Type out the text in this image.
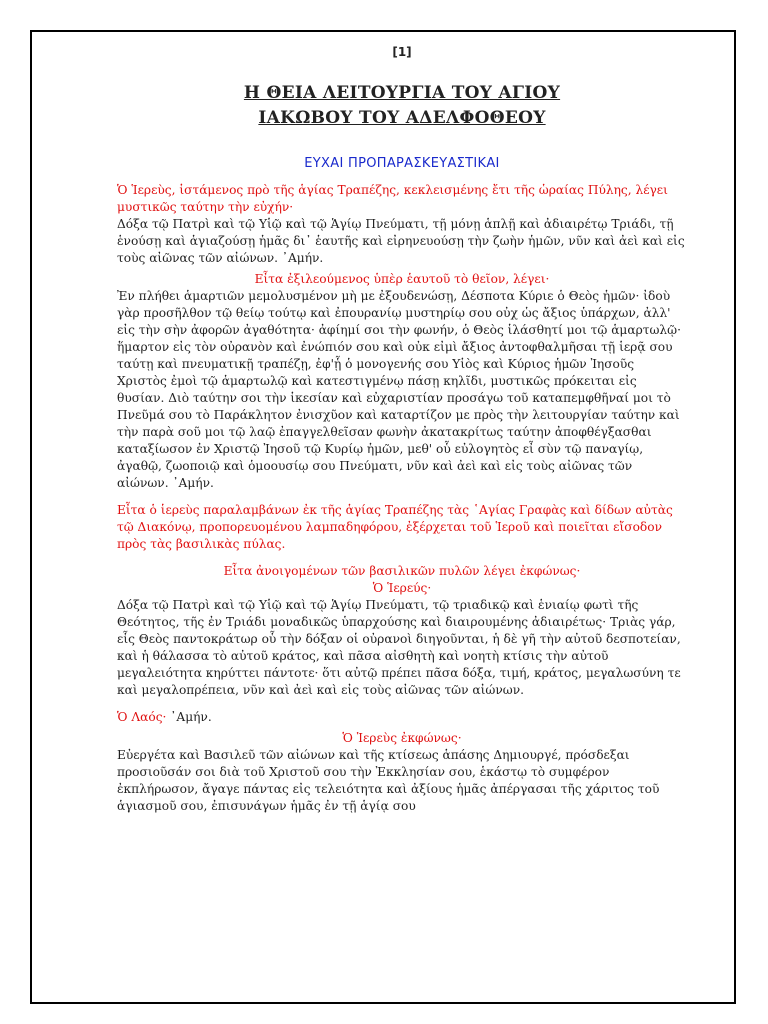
[1]
Η ΘΕΙΑ ΛΕΙΤΟΥΡΓΙΑ ΤΟΥ ΑΓΙΟΥ
ΙΑΚΩΒΟΥ ΤΟΥ ΑΔΕΛΦΟΘΕΟΥ
ΕΥΧΑΙ ΠΡΟΠΑΡΑΣΚΕΥΑΣΤΙΚΑΙ

Ὁ Ἱερεὺς, ἱστάμενος πρὸ τῆς ἁγίας Τραπέζης, κεκλεισμένης ἔτι τῆς ὡραίας Πύλης, λέγει μυστικῶς ταύτην τὴν εὐχήν·

Δόξα τῷ Πατρὶ καὶ τῷ Υἱῷ καὶ τῷ Ἁγίῳ Πνεύματι, τῇ μόνῃ ἁπλῇ καὶ ἀδιαιρέτῳ Τριάδι, τῇ ἑνούσῃ καὶ ἁγιαζούσῃ ἡμᾶς δι᾽ ἑαυτῆς καὶ εἰρηνευούσῃ τὴν ζωὴν ἡμῶν, νῦν καὶ ἀεὶ καὶ εἰς τοὺς αἰῶνας τῶν αἰώνων. ᾿Αμήν.

Εἶτα ἐξιλεούμενος ὑπὲρ ἑαυτοῦ τὸ θεῖον, λέγει·

Ἐν πλήθει ἁμαρτιῶν μεμολυσμένον μὴ με ἐξουδενώσῃ, Δέσποτα Κύριε ὁ Θεὸς ἡμῶν· ἰδοὺ γὰρ προσῆλθον τῷ θείῳ τούτῳ καὶ ἐπουρανίῳ μυστηρίῳ σου οὐχ ὡς ἄξιος ὑπάρχων, ἀλλ' εἰς τὴν σὴν ἀφορῶν ἀγαθότητα· ἀφίημί σοι τὴν φωνήν, ὁ Θεὸς ἱλάσθητί μοι τῷ ἁμαρτωλῷ· ἥμαρτον εἰς τὸν οὐρανὸν καὶ ἐνώπιόν σου καὶ οὐκ εἰμὶ ἄξιος ἀντοφθαλμῆσαι τῇ ἱερᾷ σου ταύτῃ καὶ πνευματικῇ τραπέζῃ, ἐφ'ᾗ ὁ μονογενής σου Υἱὸς καὶ Κύριος ἡμῶν Ἰησοῦς Χριστὸς ἐμοὶ τῷ ἁμαρτωλῷ καὶ κατεστιγμένῳ πάσῃ κηλῖδι, μυστικῶς πρόκειται εἰς θυσίαν. Διὸ ταύτην σοι τὴν ἱκεσίαν καὶ εὐχαριστίαν προσάγω τοῦ καταπεμφθῆναί μοι τὸ Πνεῦμά σου τὸ Παράκλητον ἐνισχῦον καὶ καταρτίζον με πρὸς τὴν λειτουργίαν ταύτην καὶ τὴν παρὰ σοῦ μοι τῷ λαῷ ἐπαγγελθεῖσαν φωνὴν ἀκατακρίτως ταύτην ἀποφθέγξασθαι καταξίωσον ἐν Χριστῷ Ἰησοῦ τῷ Κυρίῳ ἡμῶν, μεθ' οὗ εὐλογητὸς εἶ σὺν τῷ παναγίῳ, ἀγαθῷ, ζωοποιῷ καὶ ὁμοουσίῳ σου Πνεύματι, νῦν καὶ ἀεὶ καὶ εἰς τοὺς αἰῶνας τῶν αἰώνων. ᾿Αμήν.

Εἶτα ὁ ἱερεὺς παραλαμβάνων ἐκ τῆς ἁγίας Τραπέζης τὰς ῾Αγίας Γραφὰς καὶ δίδων αὐτὰς τῷ Διακόνῳ, προπορευομένου λαμπαδηφόρου, ἐξέρχεται τοῦ Ἱεροῦ καὶ ποιεῖται εἴσοδον πρὸς τὰς βασιλικὰς πύλας.

Εἶτα ἀνοιγομένων τῶν βασιλικῶν πυλῶν λέγει ἐκφώνως·

Ὁ Ἱερεύς·

Δόξα τῷ Πατρὶ καὶ τῷ Υἱῷ καὶ τῷ Ἁγίῳ Πνεύματι, τῷ τριαδικῷ καὶ ἑνιαίῳ φωτὶ τῆς Θεότητος, τῆς ἐν Τριάδι μοναδικῶς ὑπαρχούσης καὶ διαιρουμένης ἀδιαιρέτως· Τριὰς γάρ, εἷς Θεὸς παντοκράτωρ οὗ τὴν δόξαν οἱ οὐρανοὶ διηγοῦνται, ἡ δὲ γῆ τὴν αὐτοῦ δεσποτείαν, καὶ ἡ θάλασσα τὸ αὐτοῦ κράτος, καὶ πᾶσα αἰσθητὴ καὶ νοητὴ κτίσις τὴν αὐτοῦ μεγαλειότητα κηρύττει πάντοτε· ὅτι αὐτῷ πρέπει πᾶσα δόξα, τιμή, κράτος, μεγαλωσύνη τε καὶ μεγαλοπρέπεια, νῦν καὶ ἀεὶ καὶ εἰς τοὺς αἰῶνας τῶν αἰώνων.

Ὁ Λαός· ᾿Αμήν.

Ὁ Ἱερεὺς ἐκφώνως·

Εὐεργέτα καὶ Βασιλεῦ τῶν αἰώνων καὶ τῆς κτίσεως ἁπάσης Δημιουργέ, πρόσδεξαι προσιοῦσάν σοι διὰ τοῦ Χριστοῦ σου τὴν Ἐκκλησίαν σου, ἑκάστῳ τὸ συμφέρον ἐκπλήρωσον, ἄγαγε πάντας εἰς τελειότητα καὶ ἀξίους ἡμᾶς ἀπέργασαι τῆς χάριτος τοῦ ἁγιασμοῦ σου, ἐπισυνάγων ἡμᾶς ἐν τῇ ἁγίᾳ σου
